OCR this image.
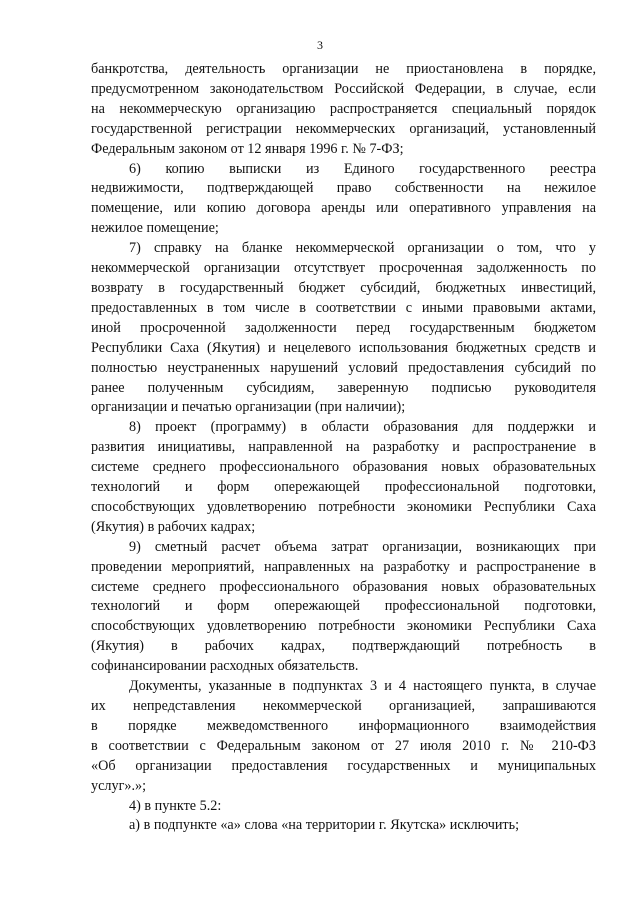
3
банкротства, деятельность организации не приостановлена в порядке,
предусмотренном законодательством Российской Федерации, в случае, если
на некоммерческую организацию распространяется специальный порядок
государственной регистрации некоммерческих организаций, установленный
Федеральным законом от 12 января 1996 г. № 7-ФЗ;
6) копию выписки из Единого государственного реестра
недвижимости, подтверждающей право собственности на нежилое
помещение, или копию договора аренды или оперативного управления на
нежилое помещение;
7) справку на бланке некоммерческой организации о том, что у
некоммерческой организации отсутствует просроченная задолженность по
возврату в государственный бюджет субсидий, бюджетных инвестиций,
предоставленных в том числе в соответствии с иными правовыми актами,
иной просроченной задолженности перед государственным бюджетом
Республики Саха (Якутия) и нецелевого использования бюджетных средств и
полностью неустраненных нарушений условий предоставления субсидий по
ранее полученным субсидиям, заверенную подписью руководителя
организации и печатью организации (при наличии);
8) проект (программу) в области образования для поддержки и
развития инициативы, направленной на разработку и распространение в
системе среднего профессионального образования новых образовательных
технологий и форм опережающей профессиональной подготовки,
способствующих удовлетворению потребности экономики Республики Саха
(Якутия) в рабочих кадрах;
9) сметный расчет объема затрат организации, возникающих при
проведении мероприятий, направленных на разработку и распространение в
системе среднего профессионального образования новых образовательных
технологий и форм опережающей профессиональной подготовки,
способствующих удовлетворению потребности экономики Республики Саха
(Якутия) в рабочих кадрах, подтверждающий потребность в
софинансировании расходных обязательств.
Документы, указанные в подпунктах 3 и 4 настоящего пункта, в случае
их непредставления некоммерческой организацией, запрашиваются
в порядке межведомственного информационного взаимодействия
в соответствии с Федеральным законом от 27 июля 2010 г. № 210-ФЗ
«Об организации предоставления государственных и муниципальных
услуг».»;
4) в пункте 5.2:
а) в подпункте «а» слова «на территории г. Якутска» исключить;
